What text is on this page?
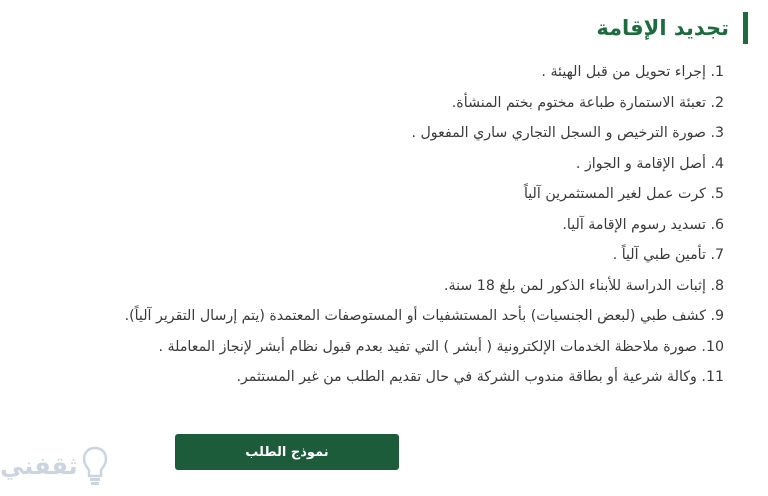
تجديد الإقامة
1. إجراء تحويل من قبل الهيئة .
2. تعبئة الاستمارة طباعة مختوم بختم المنشأة.
3. صورة الترخيص و السجل التجاري ساري المفعول .
4. أصل الإقامة و الجواز .
5. كرت عمل لغير المستثمرين آلياً
6. تسديد رسوم الإقامة آليا.
7. تأمين طبي آلياً .
8. إثبات الدراسة للأبناء الذكور لمن بلغ 18 سنة.
9. كشف طبي (لبعض الجنسيات) بأحد المستشفيات أو المستوصفات المعتمدة (يتم إرسال التقرير آلياً).
10. صورة ملاحظة الخدمات الإلكترونية ( أبشر ) التي تفيد بعدم قبول نظام أبشر لإنجاز المعاملة .
11. وكالة شرعية أو بطاقة مندوب الشركة في حال تقديم الطلب من غير المستثمر.
نموذج الطلب
ثقفني
